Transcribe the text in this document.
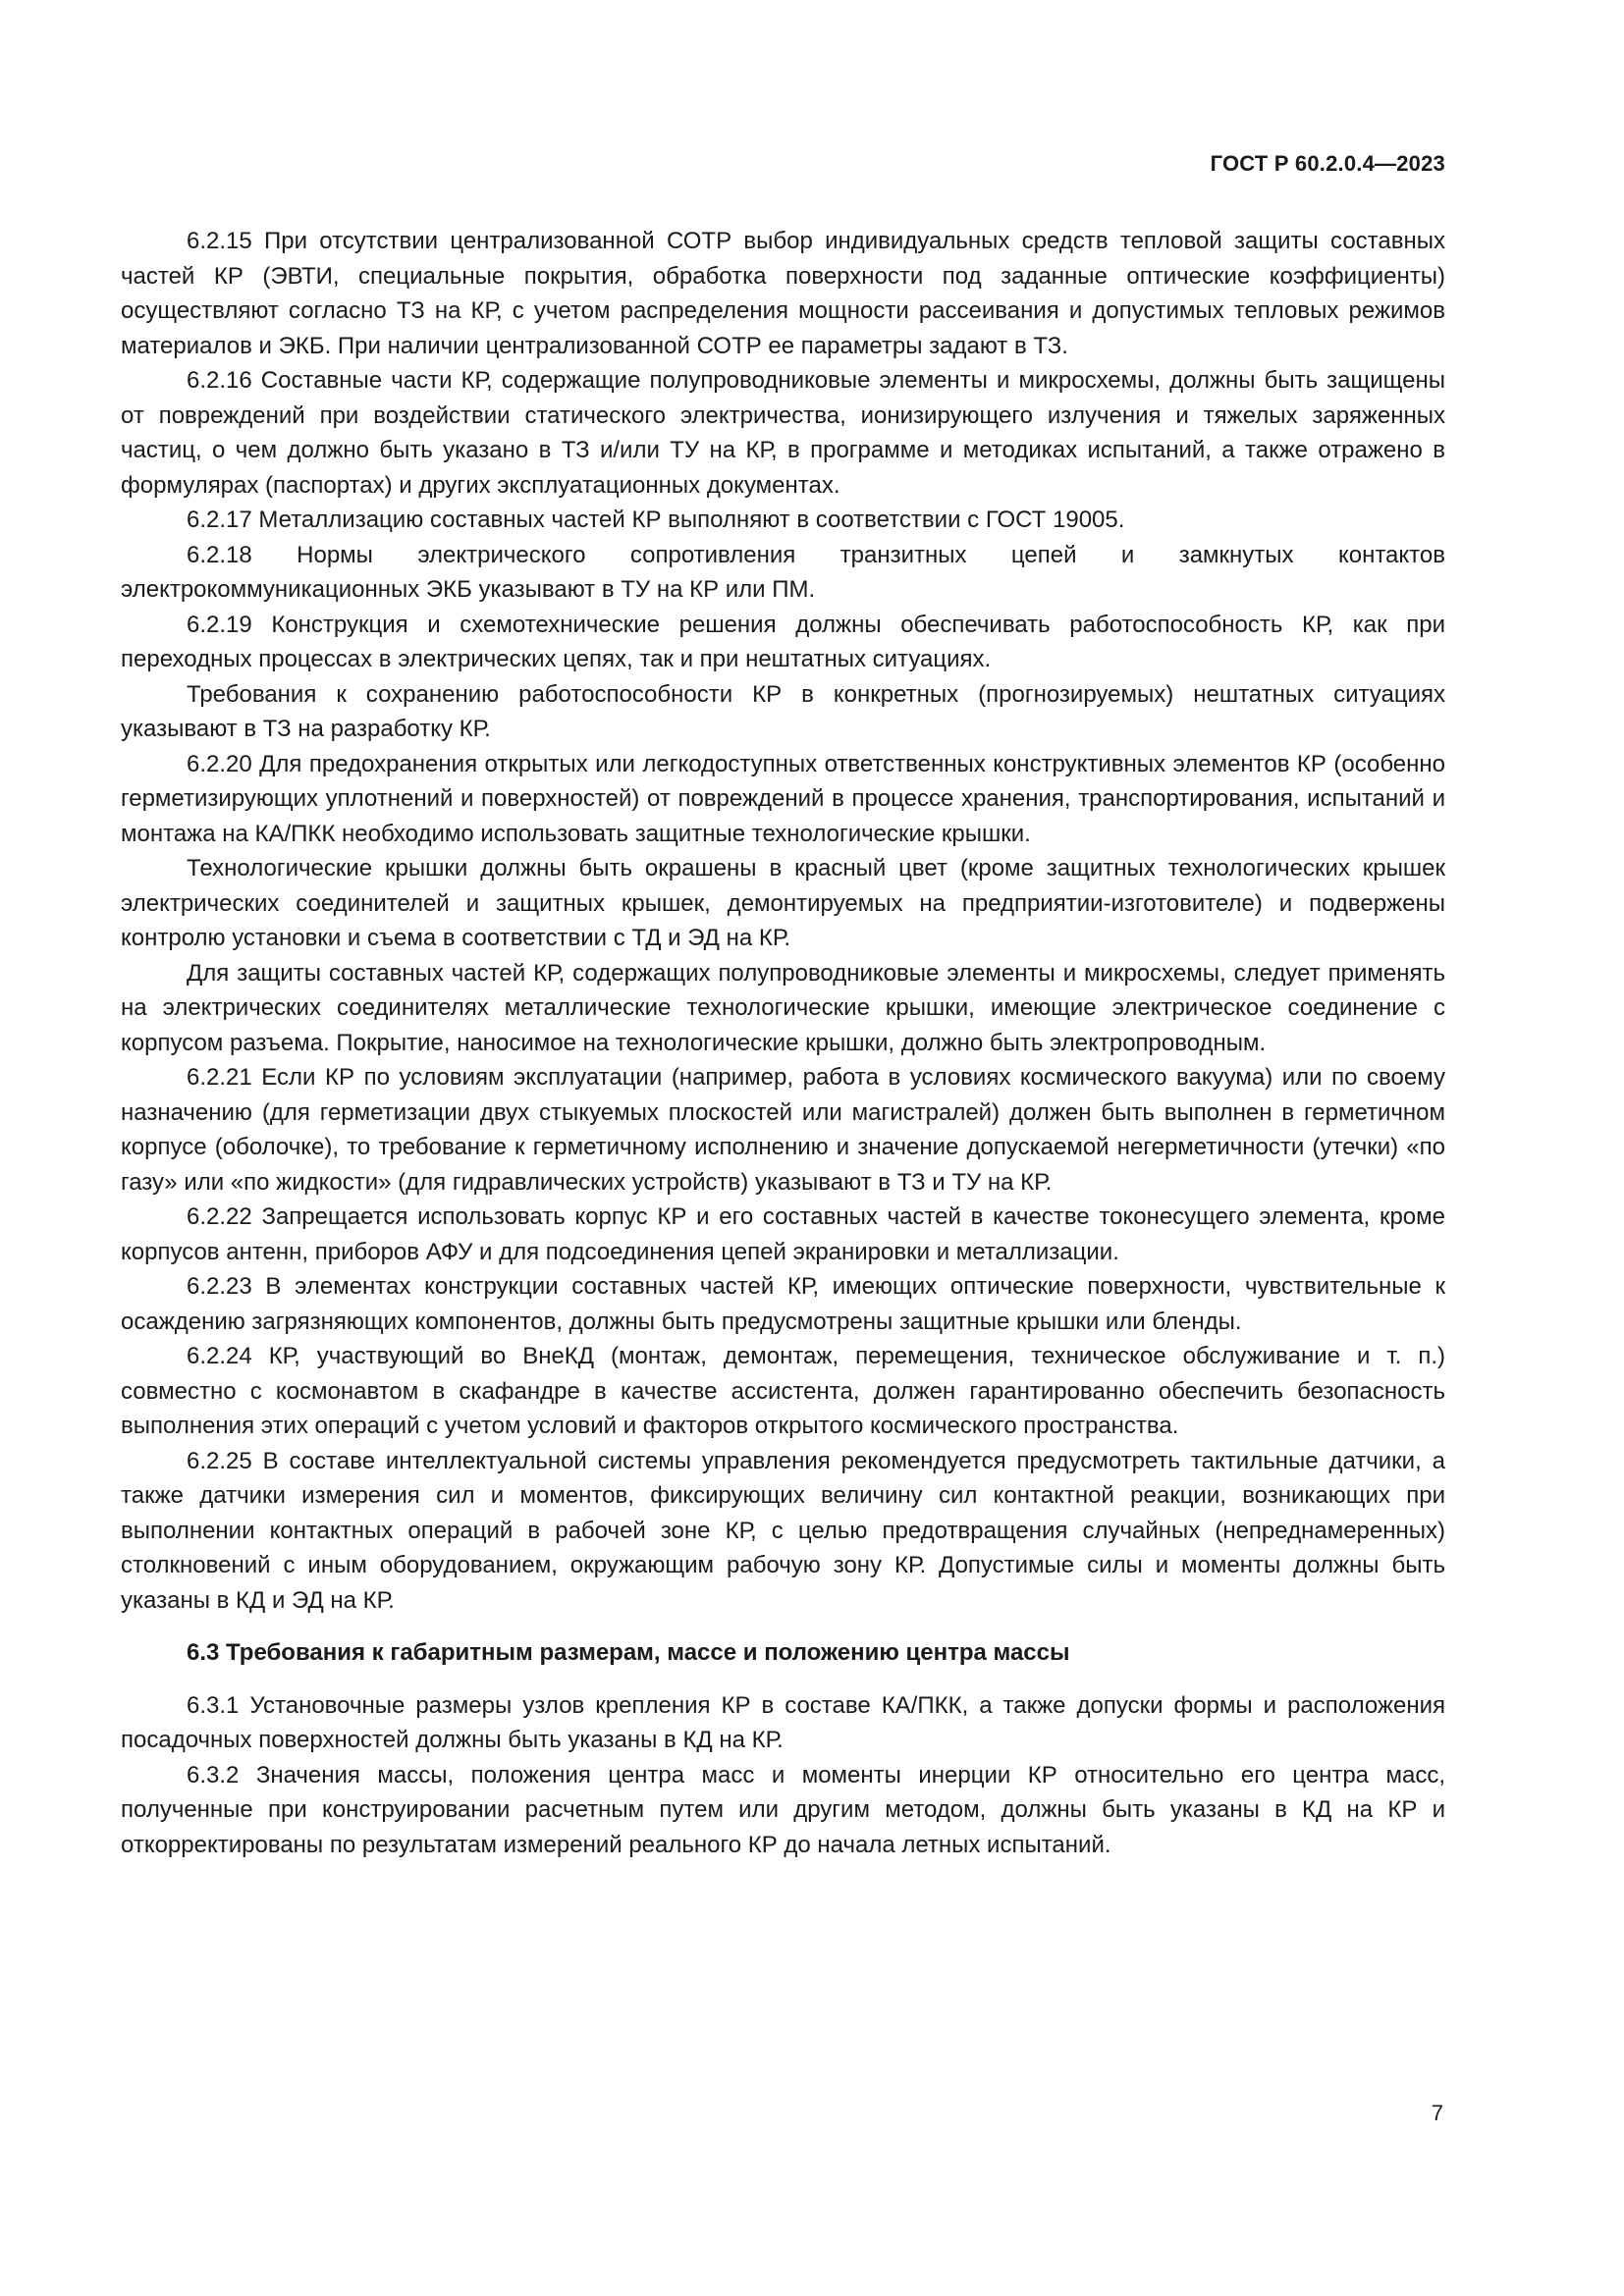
ГОСТ Р 60.2.0.4—2023

6.2.15 При отсутствии централизованной СОТР выбор индивидуальных средств тепловой защиты составных частей КР (ЭВТИ, специальные покрытия, обработка поверхности под заданные оптические коэффициенты) осуществляют согласно ТЗ на КР, с учетом распределения мощности рассеивания и допустимых тепловых режимов материалов и ЭКБ. При наличии централизованной СОТР ее параметры задают в ТЗ.

6.2.16 Составные части КР, содержащие полупроводниковые элементы и микросхемы, должны быть защищены от повреждений при воздействии статического электричества, ионизирующего излучения и тяжелых заряженных частиц, о чем должно быть указано в ТЗ и/или ТУ на КР, в программе и методиках испытаний, а также отражено в формулярах (паспортах) и других эксплуатационных документах.

6.2.17 Металлизацию составных частей КР выполняют в соответствии с ГОСТ 19005.

6.2.18 Нормы электрического сопротивления транзитных цепей и замкнутых контактов электрокоммуникационных ЭКБ указывают в ТУ на КР или ПМ.

6.2.19 Конструкция и схемотехнические решения должны обеспечивать работоспособность КР, как при переходных процессах в электрических цепях, так и при нештатных ситуациях.

Требования к сохранению работоспособности КР в конкретных (прогнозируемых) нештатных ситуациях указывают в ТЗ на разработку КР.

6.2.20 Для предохранения открытых или легкодоступных ответственных конструктивных элементов КР (особенно герметизирующих уплотнений и поверхностей) от повреждений в процессе хранения, транспортирования, испытаний и монтажа на КА/ПКК необходимо использовать защитные технологические крышки.

Технологические крышки должны быть окрашены в красный цвет (кроме защитных технологических крышек электрических соединителей и защитных крышек, демонтируемых на предприятии-изготовителе) и подвержены контролю установки и съема в соответствии с ТД и ЭД на КР.

Для защиты составных частей КР, содержащих полупроводниковые элементы и микросхемы, следует применять на электрических соединителях металлические технологические крышки, имеющие электрическое соединение с корпусом разъема. Покрытие, наносимое на технологические крышки, должно быть электропроводным.

6.2.21 Если КР по условиям эксплуатации (например, работа в условиях космического вакуума) или по своему назначению (для герметизации двух стыкуемых плоскостей или магистралей) должен быть выполнен в герметичном корпусе (оболочке), то требование к герметичному исполнению и значение допускаемой негерметичности (утечки) «по газу» или «по жидкости» (для гидравлических устройств) указывают в ТЗ и ТУ на КР.

6.2.22 Запрещается использовать корпус КР и его составных частей в качестве токонесущего элемента, кроме корпусов антенн, приборов АФУ и для подсоединения цепей экранировки и металлизации.

6.2.23 В элементах конструкции составных частей КР, имеющих оптические поверхности, чувствительные к осаждению загрязняющих компонентов, должны быть предусмотрены защитные крышки или бленды.

6.2.24 КР, участвующий во ВнеКД (монтаж, демонтаж, перемещения, техническое обслуживание и т. п.) совместно с космонавтом в скафандре в качестве ассистента, должен гарантированно обеспечить безопасность выполнения этих операций с учетом условий и факторов открытого космического пространства.

6.2.25 В составе интеллектуальной системы управления рекомендуется предусмотреть тактильные датчики, а также датчики измерения сил и моментов, фиксирующих величину сил контактной реакции, возникающих при выполнении контактных операций в рабочей зоне КР, с целью предотвращения случайных (непреднамеренных) столкновений с иным оборудованием, окружающим рабочую зону КР. Допустимые силы и моменты должны быть указаны в КД и ЭД на КР.

6.3 Требования к габаритным размерам, массе и положению центра массы

6.3.1 Установочные размеры узлов крепления КР в составе КА/ПКК, а также допуски формы и расположения посадочных поверхностей должны быть указаны в КД на КР.

6.3.2 Значения массы, положения центра масс и моменты инерции КР относительно его центра масс, полученные при конструировании расчетным путем или другим методом, должны быть указаны в КД на КР и откорректированы по результатам измерений реального КР до начала летных испытаний.

7
